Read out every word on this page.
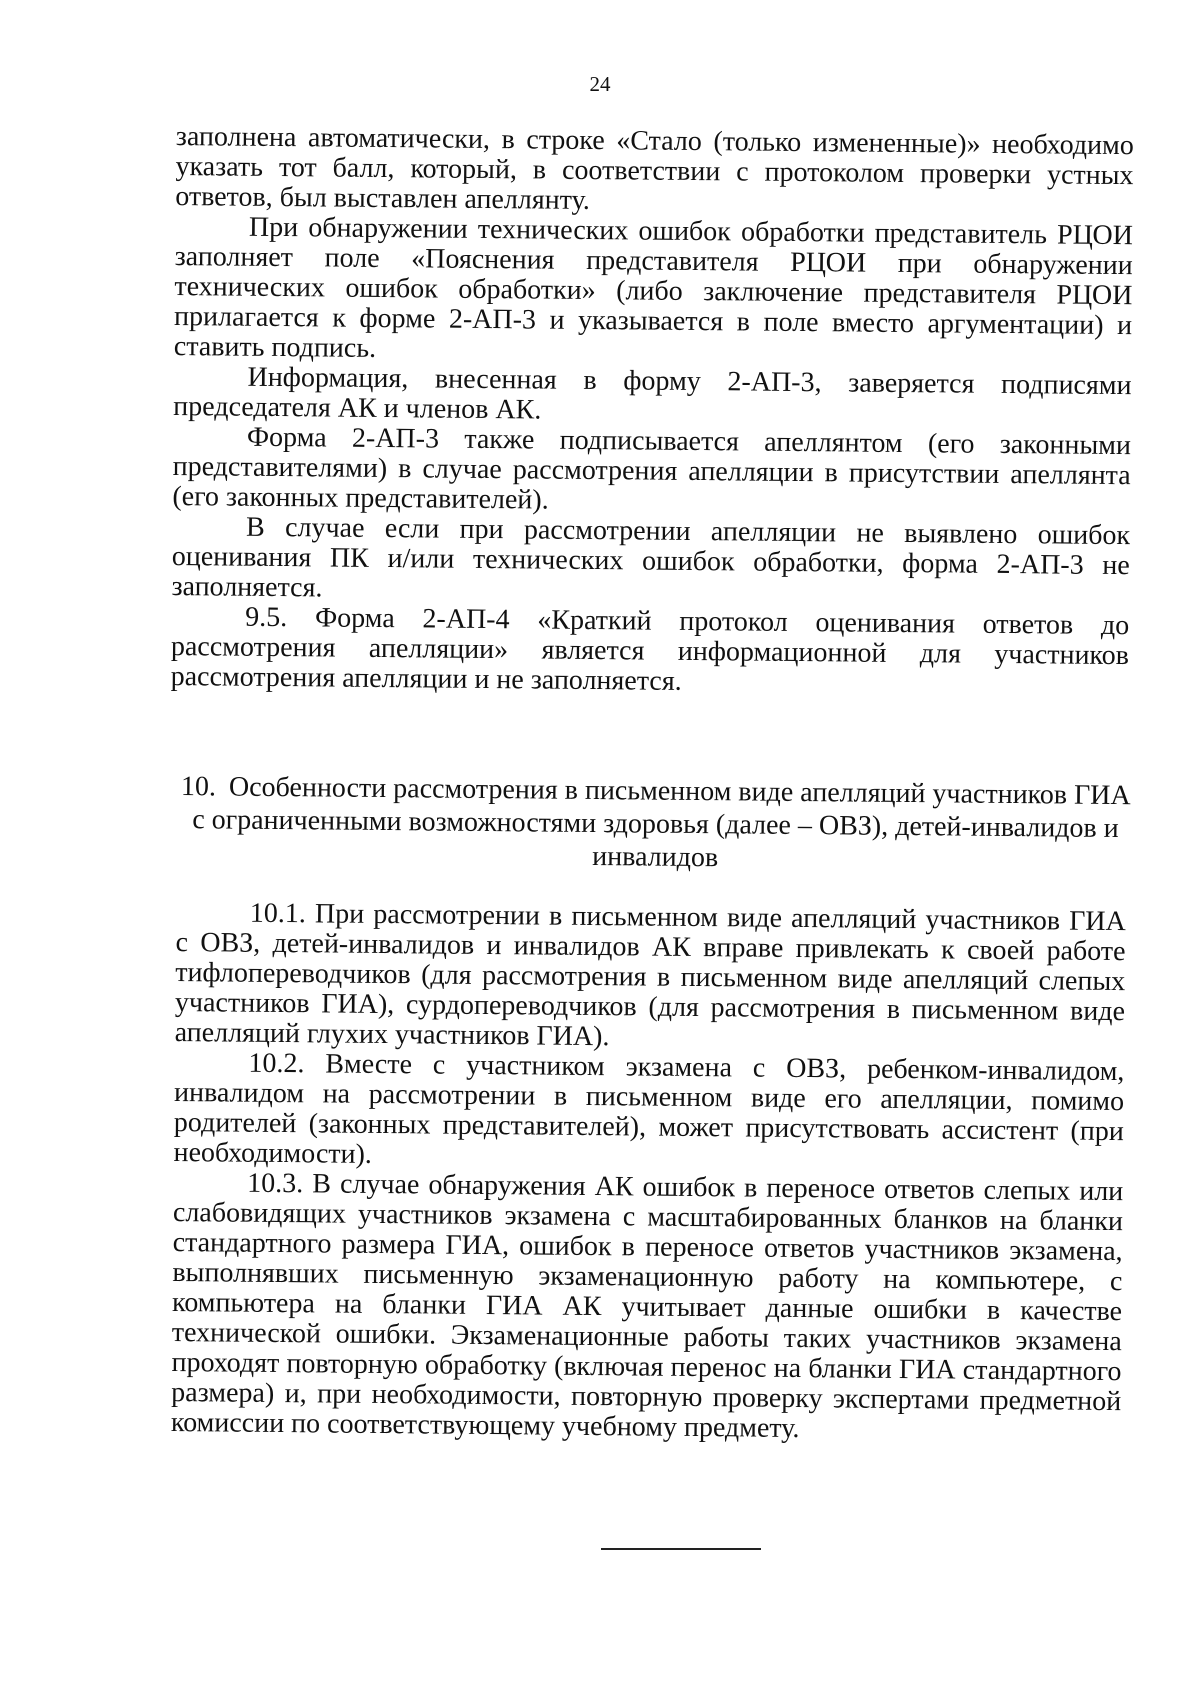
24

заполнена автоматически, в строке «Стало (только измененные)» необходимо указать тот балл, который, в соответствии с протоколом проверки устных ответов, был выставлен апеллянту.

При обнаружении технических ошибок обработки представитель РЦОИ заполняет поле «Пояснения представителя РЦОИ при обнаружении технических ошибок обработки» (либо заключение представителя РЦОИ прилагается к форме 2-АП-3 и указывается в поле вместо аргументации) и ставить подпись.

Информация, внесенная в форму 2-АП-3, заверяется подписями председателя АК и членов АК.

Форма 2-АП-3 также подписывается апеллянтом (его законными представителями) в случае рассмотрения апелляции в присутствии апеллянта (его законных представителей).

В случае если при рассмотрении апелляции не выявлено ошибок оценивания ПК и/или технических ошибок обработки, форма 2-АП-3 не заполняется.

9.5. Форма 2-АП-4 «Краткий протокол оценивания ответов до рассмотрения апелляции» является информационной для участников рассмотрения апелляции и не заполняется.

10. Особенности рассмотрения в письменном виде апелляций участников ГИА с ограниченными возможностями здоровья (далее – ОВЗ), детей-инвалидов и инвалидов

10.1. При рассмотрении в письменном виде апелляций участников ГИА с ОВЗ, детей-инвалидов и инвалидов АК вправе привлекать к своей работе тифлопереводчиков (для рассмотрения в письменном виде апелляций слепых участников ГИА), сурдопереводчиков (для рассмотрения в письменном виде апелляций глухих участников ГИА).

10.2. Вместе с участником экзамена с ОВЗ, ребенком-инвалидом, инвалидом на рассмотрении в письменном виде его апелляции, помимо родителей (законных представителей), может присутствовать ассистент (при необходимости).

10.3. В случае обнаружения АК ошибок в переносе ответов слепых или слабовидящих участников экзамена с масштабированных бланков на бланки стандартного размера ГИА, ошибок в переносе ответов участников экзамена, выполнявших письменную экзаменационную работу на компьютере, с компьютера на бланки ГИА АК учитывает данные ошибки в качестве технической ошибки. Экзаменационные работы таких участников экзамена проходят повторную обработку (включая перенос на бланки ГИА стандартного размера) и, при необходимости, повторную проверку экспертами предметной комиссии по соответствующему учебному предмету.
